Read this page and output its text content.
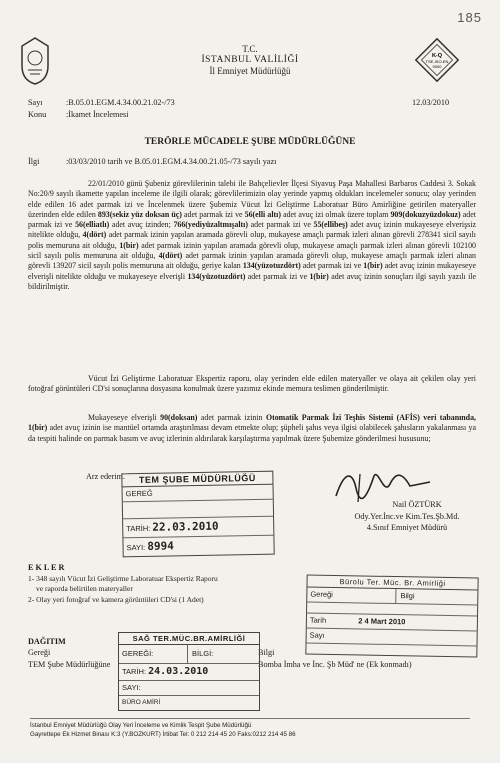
185
K-Q
TSE-ISO-EN
9000
T.C.
İSTANBUL VALİLİĞİ
İl Emniyet Müdürlüğü
Sayı	:B.05.01.EGM.4.34.00.21.02-/73
Konu :İkamet İncelemesi
12.03/2010
TERÖRLE MÜCADELE ŞUBE MÜDÜRLÜĞÜNE
İlgi	:03/03/2010 tarih ve B.05.01.EGM.4.34.00.21.05-/73 sayılı yazı
22/01/2010 günü Şubeniz görevlilerinin talebi ile Bahçelievler İlçesi Siyavuş Paşa Mahallesi Barbaros Caddesi 3. Sokak No:20/9 sayılı ikamette yapılan inceleme ile ilgili olarak; görevlilerimizin olay yerinde yapmış oldukları incelemeler sonucu; olay yerinden elde edilen 16 adet parmak izi ve İncelenmek üzere Şubemiz Vücut İzi Geliştirme Laboratuar Büro Amirliğine getirilen materyaller üzerinden elde edilen 893(sekiz yüz doksan üç) adet parmak izi ve 56(elli altı) adet avuç izi olmak üzere toplam 909(dokuzyüzdokuz) adet parmak izi ve 56(elliatlı) adet avuç izinden; 766(yediyüzaltmışaltı) adet parmak izi ve 55(ellibeş) adet avuç izinin mukayeseye elverişsiz nitelikte olduğu, 4(dört) adet parmak izinin yapılan aramada görevli olup, mukayese amaçlı parmak izleri alınan görevli 278341 sicil sayılı polis memuruna ait olduğu, 1(bir) adet parmak izinin yapılan aramada görevli olup, mukayese amaçlı parmak izleri alınan görevli 102100 sicil sayılı polis memuruna ait olduğu, 4(dört) adet parmak izinin yapılan aramada görevli olup, mukayese amaçlı parmak izleri alınan görevli 139207 sicil sayılı polis memuruna ait olduğu, geriye kalan 134(yüzotuzdört) adet parmak izi ve 1(bir) adet avuç izinin mukayeseye elverişli nitelikte olduğu ve mukayeseye elverişli 134(yüzotuzdört) adet parmak izi ve 1(bir) adet avuç izinin sonuçları ilgi sayılı yazılı ile bildirilmiştir.
Vücut İzi Geliştirme Laboratuar Ekspertiz raporu, olay yerinden elde edilen materyaller ve olaya ait çekilen olay yeri fotoğraf görüntüleri CD'si sonuçlarına dosyasına konulmak üzere yazımız ekinde memura teslimen gönderilmiştir.
Mukayeseye elverişli 90(doksan) adet parmak izinin Otomatik Parmak İzi Teşhis Sistemi (AFİS) veri tabanında, 1(bir) adet avuç izinin ise mantüel ortamda araştırılması devam etmekte olup; şüpheli şahıs veya ilgisi olabilecek şahısların yakalanması ya da tespiti halinde on parmak basım ve avuç izlerinin aldırılarak karşılaştırma yapılmak üzere Şubemize gönderilmesi hususunu;
Arz ederim.	TEM ŞUBE MÜDÜRLÜĞÜ
GEREĞ
TARİH: 22.03.2010
SAYI: 8994
Nail ÖZTÜRK
Ody.Yer.İnc.ve Kim.Tes.Şb.Md.
4.Sınıf Emniyet Müdürü
E K L E R
1- 348 sayılı Vücut İzi Geliştirme Laboratuar Ekspertiz Raporu
ve raporda belirtilen materyaller
2- Olay yeri fotoğraf ve kamera görüntüleri CD'si (1 Adet)
Bürolu Ter. Müc. Br. Amirliği
Gereği	Bilgi
Tarih	2 4 Mart 2010
Sayı
DAĞITIM
Gereği
TEM Şube Müdürlüğüne
Bilgi
Bomba İmha ve İnc. Şb Müd' ne (Ek konmadı)
SAĞ TER.MÜC.BR.AMİRLİĞİ
GEREĞİ:	BİLGİ:
TARİH: 24.03.2010
SAYI:
BÜRO AMİRİ
İstanbul Emniyet Müdürlüğü Olay Yeri İnceleme ve Kimlik Tespit Şube Müdürlüğü
Gayrettepe Ek Hizmet Binası K:3 (Y.BOZKURT) İrtibat Tel: 0 212 214 45 20 Faks:0212 214 45 86
